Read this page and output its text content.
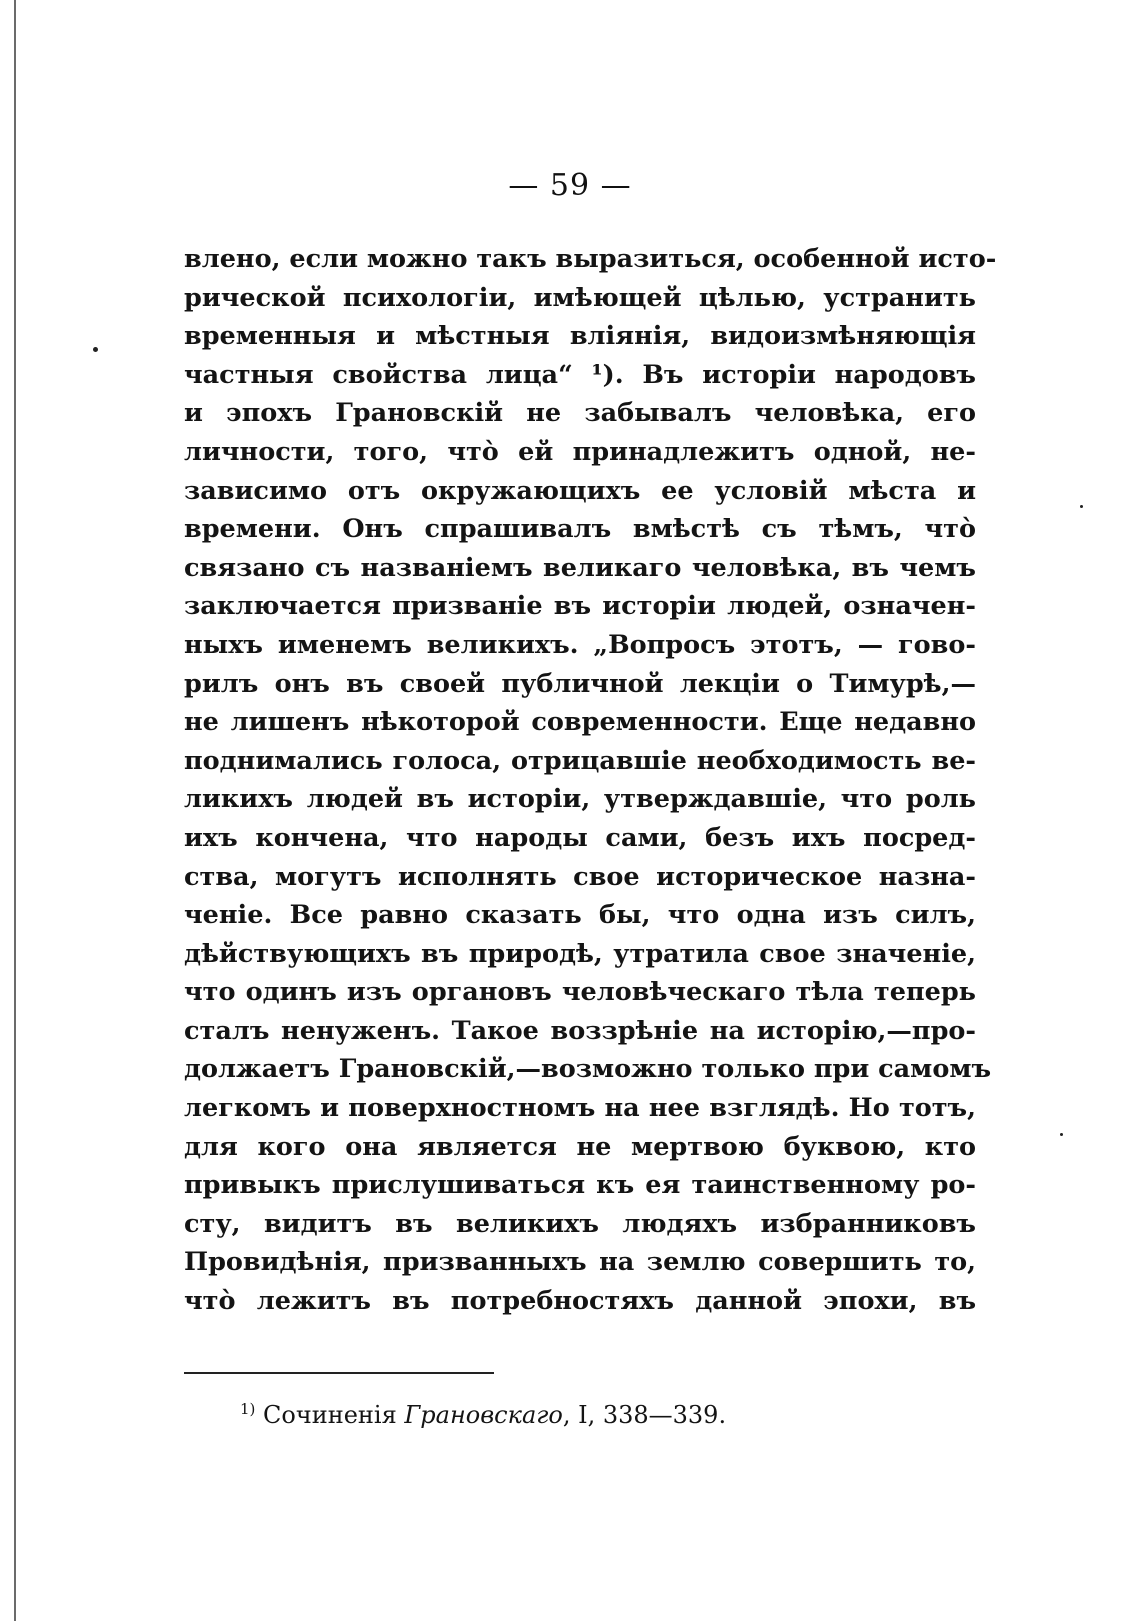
— 59 —
влено, если можно такъ выразиться, особенной исто-
рической психологіи, имѣющей цѣлью, устранить
временныя и мѣстныя вліянія, видоизмѣняющія
частныя свойства лица“ ¹). Въ исторіи народовъ
и эпохъ Грановскій не забывалъ человѣка, его
личности, того, что̀ ей принадлежитъ одной, не-
зависимо отъ окружающихъ ее условій мѣста и
времени. Онъ спрашивалъ вмѣстѣ съ тѣмъ, что̀
связано съ названіемъ великаго человѣка, въ чемъ
заключается призваніе въ исторіи людей, означен-
ныхъ именемъ великихъ. „Вопросъ этотъ, — гово-
рилъ онъ въ своей публичной лекціи о Тимурѣ,—
не лишенъ нѣкоторой современности. Еще недавно
поднимались голоса, отрицавшіе необходимость ве-
ликихъ людей въ исторіи, утверждавшіе, что роль
ихъ кончена, что народы сами, безъ ихъ посред-
ства, могутъ исполнять свое историческое назна-
ченіе. Все равно сказать бы, что одна изъ силъ,
дѣйствующихъ въ природѣ, утратила свое значеніе,
что одинъ изъ органовъ человѣческаго тѣла теперь
сталъ ненуженъ. Такое воззрѣніе на исторію,—про-
должаетъ Грановскій,—возможно только при самомъ
легкомъ и поверхностномъ на нее взглядѣ. Но тотъ,
для кого она является не мертвою буквою, кто
привыкъ прислушиваться къ ея таинственному ро-
сту, видитъ въ великихъ людяхъ избранниковъ
Провидѣнія, призванныхъ на землю совершить то,
что̀ лежитъ въ потребностяхъ данной эпохи, въ
$^{1)}$ Сочиненія Грановскаго, I, 338—339.
